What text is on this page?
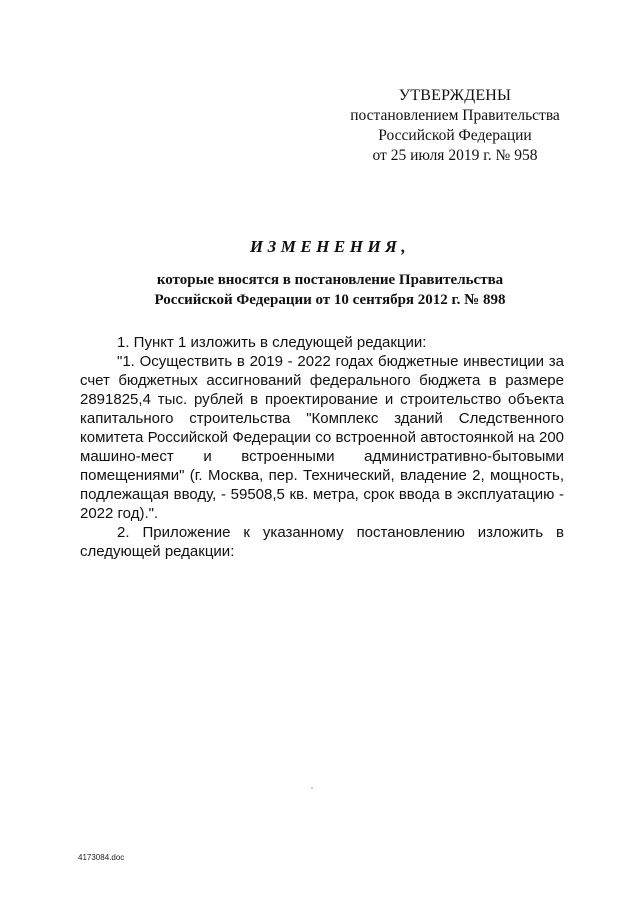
УТВЕРЖДЕНЫ
постановлением Правительства
Российской Федерации
от 25 июля 2019 г. № 958
ИЗМЕНЕНИЯ,
которые вносятся в постановление Правительства
Российской Федерации от 10 сентября 2012 г. № 898

1. Пункт 1 изложить в следующей редакции:

"1. Осуществить в 2019 - 2022 годах бюджетные инвестиции за счет бюджетных ассигнований федерального бюджета в размере 2891825,4 тыс. рублей в проектирование и строительство объекта капитального строительства "Комплекс зданий Следственного комитета Российской Федерации со встроенной автостоянкой на 200 машино-мест и встроенными административно-бытовыми помещениями" (г. Москва, пер. Технический, владение 2, мощность, подлежащая вводу, - 59508,5 кв. метра, срок ввода в эксплуатацию - 2022 год).".

2. Приложение к указанному постановлению изложить в следующей редакции:

4173084.doc
